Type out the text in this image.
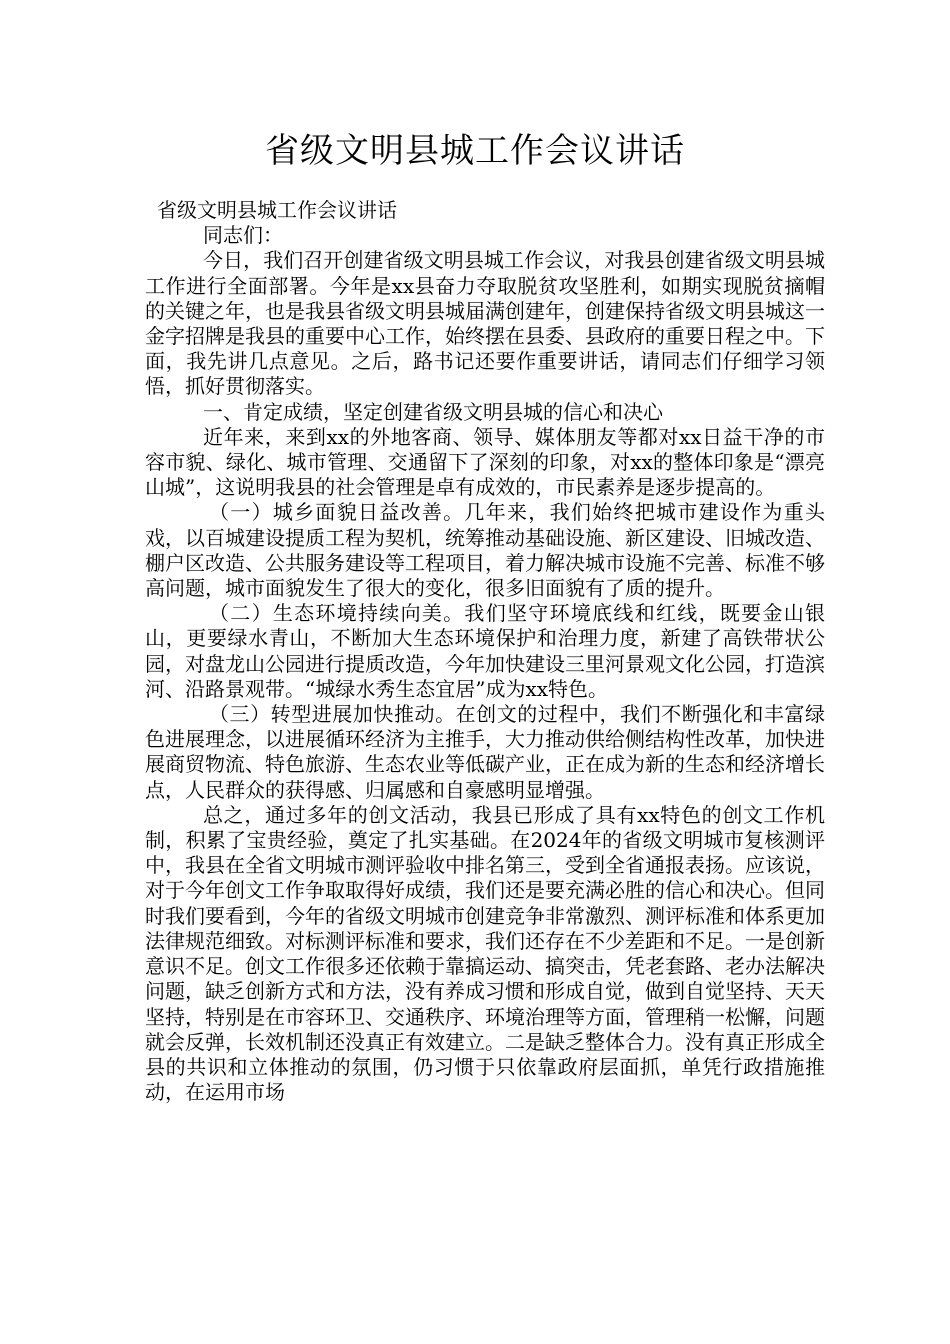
省级文明县城工作会议讲话

省级文明县城工作会议讲话

同志们：

今日，我们召开创建省级文明县城工作会议，对我县创建省级文明县城工作进行全面部署。今年是xx县奋力夺取脱贫攻坚胜利，如期实现脱贫摘帽的关键之年，也是我县省级文明县城届满创建年，创建保持省级文明县城这一金字招牌是我县的重要中心工作，始终摆在县委、县政府的重要日程之中。下面，我先讲几点意见。之后，路书记还要作重要讲话，请同志们仔细学习领悟，抓好贯彻落实。

一、肯定成绩，坚定创建省级文明县城的信心和决心

近年来，来到xx的外地客商、领导、媒体朋友等都对xx日益干净的市容市貌、绿化、城市管理、交通留下了深刻的印象，对xx的整体印象是“漂亮山城”，这说明我县的社会管理是卓有成效的，市民素养是逐步提高的。

（一）城乡面貌日益改善。几年来，我们始终把城市建设作为重头戏，以百城建设提质工程为契机，统筹推动基础设施、新区建设、旧城改造、棚户区改造、公共服务建设等工程项目，着力解决城市设施不完善、标准不够高问题，城市面貌发生了很大的变化，很多旧面貌有了质的提升。

（二）生态环境持续向美。我们坚守环境底线和红线，既要金山银山，更要绿水青山，不断加大生态环境保护和治理力度，新建了高铁带状公园，对盘龙山公园进行提质改造，今年加快建设三里河景观文化公园，打造滨河、沿路景观带。“城绿水秀生态宜居”成为xx特色。

（三）转型进展加快推动。在创文的过程中，我们不断强化和丰富绿色进展理念，以进展循环经济为主推手，大力推动供给侧结构性改革，加快进展商贸物流、特色旅游、生态农业等低碳产业，正在成为新的生态和经济增长点，人民群众的获得感、归属感和自豪感明显增强。

总之，通过多年的创文活动，我县已形成了具有xx特色的创文工作机制，积累了宝贵经验，奠定了扎实基础。在2024年的省级文明城市复核测评中，我县在全省文明城市测评验收中排名第三，受到全省通报表扬。应该说，对于今年创文工作争取取得好成绩，我们还是要充满必胜的信心和决心。但同时我们要看到，今年的省级文明城市创建竞争非常激烈、测评标准和体系更加法律规范细致。对标测评标准和要求，我们还存在不少差距和不足。一是创新意识不足。创文工作很多还依赖于靠搞运动、搞突击，凭老套路、老办法解决问题，缺乏创新方式和方法，没有养成习惯和形成自觉，做到自觉坚持、天天坚持，特别是在市容环卫、交通秩序、环境治理等方面，管理稍一松懈，问题就会反弹，长效机制还没真正有效建立。二是缺乏整体合力。没有真正形成全县的共识和立体推动的氛围，仍习惯于只依靠政府层面抓，单凭行政措施推动，在运用市场
